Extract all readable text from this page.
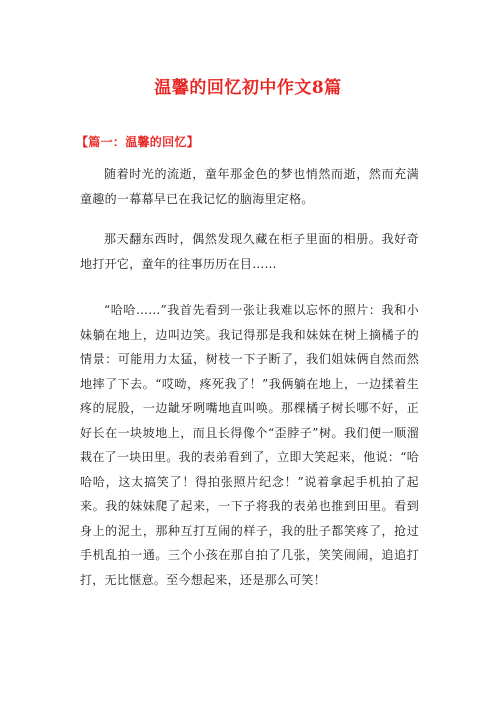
温馨的回忆初中作文8篇
【篇一：温馨的回忆】

随着时光的流逝，童年那金色的梦也悄然而逝，然而充满童趣的一幕幕早已在我记忆的脑海里定格。

那天翻东西时，偶然发现久藏在柜子里面的相册。我好奇地打开它，童年的往事历历在目……

“哈哈……”我首先看到一张让我难以忘怀的照片：我和小妹躺在地上，边叫边笑。我记得那是我和妹妹在树上摘橘子的情景：可能用力太猛，树枝一下子断了，我们姐妹俩自然而然地摔了下去。“哎呦，疼死我了！”我俩躺在地上，一边揉着生疼的屁股，一边龇牙咧嘴地直叫唤。那棵橘子树长哪不好，正好长在一块坡地上，而且长得像个“歪脖子”树。我们便一顺溜栽在了一块田里。我的表弟看到了，立即大笑起来，他说：“哈哈哈，这太搞笑了！得拍张照片纪念！”说着拿起手机拍了起来。我的妹妹爬了起来，一下子将我的表弟也推到田里。看到身上的泥土，那种互打互闹的样子，我的肚子都笑疼了，抢过手机乱拍一通。三个小孩在那自拍了几张，笑笑闹闹，追追打打，无比惬意。至今想起来，还是那么可笑！
